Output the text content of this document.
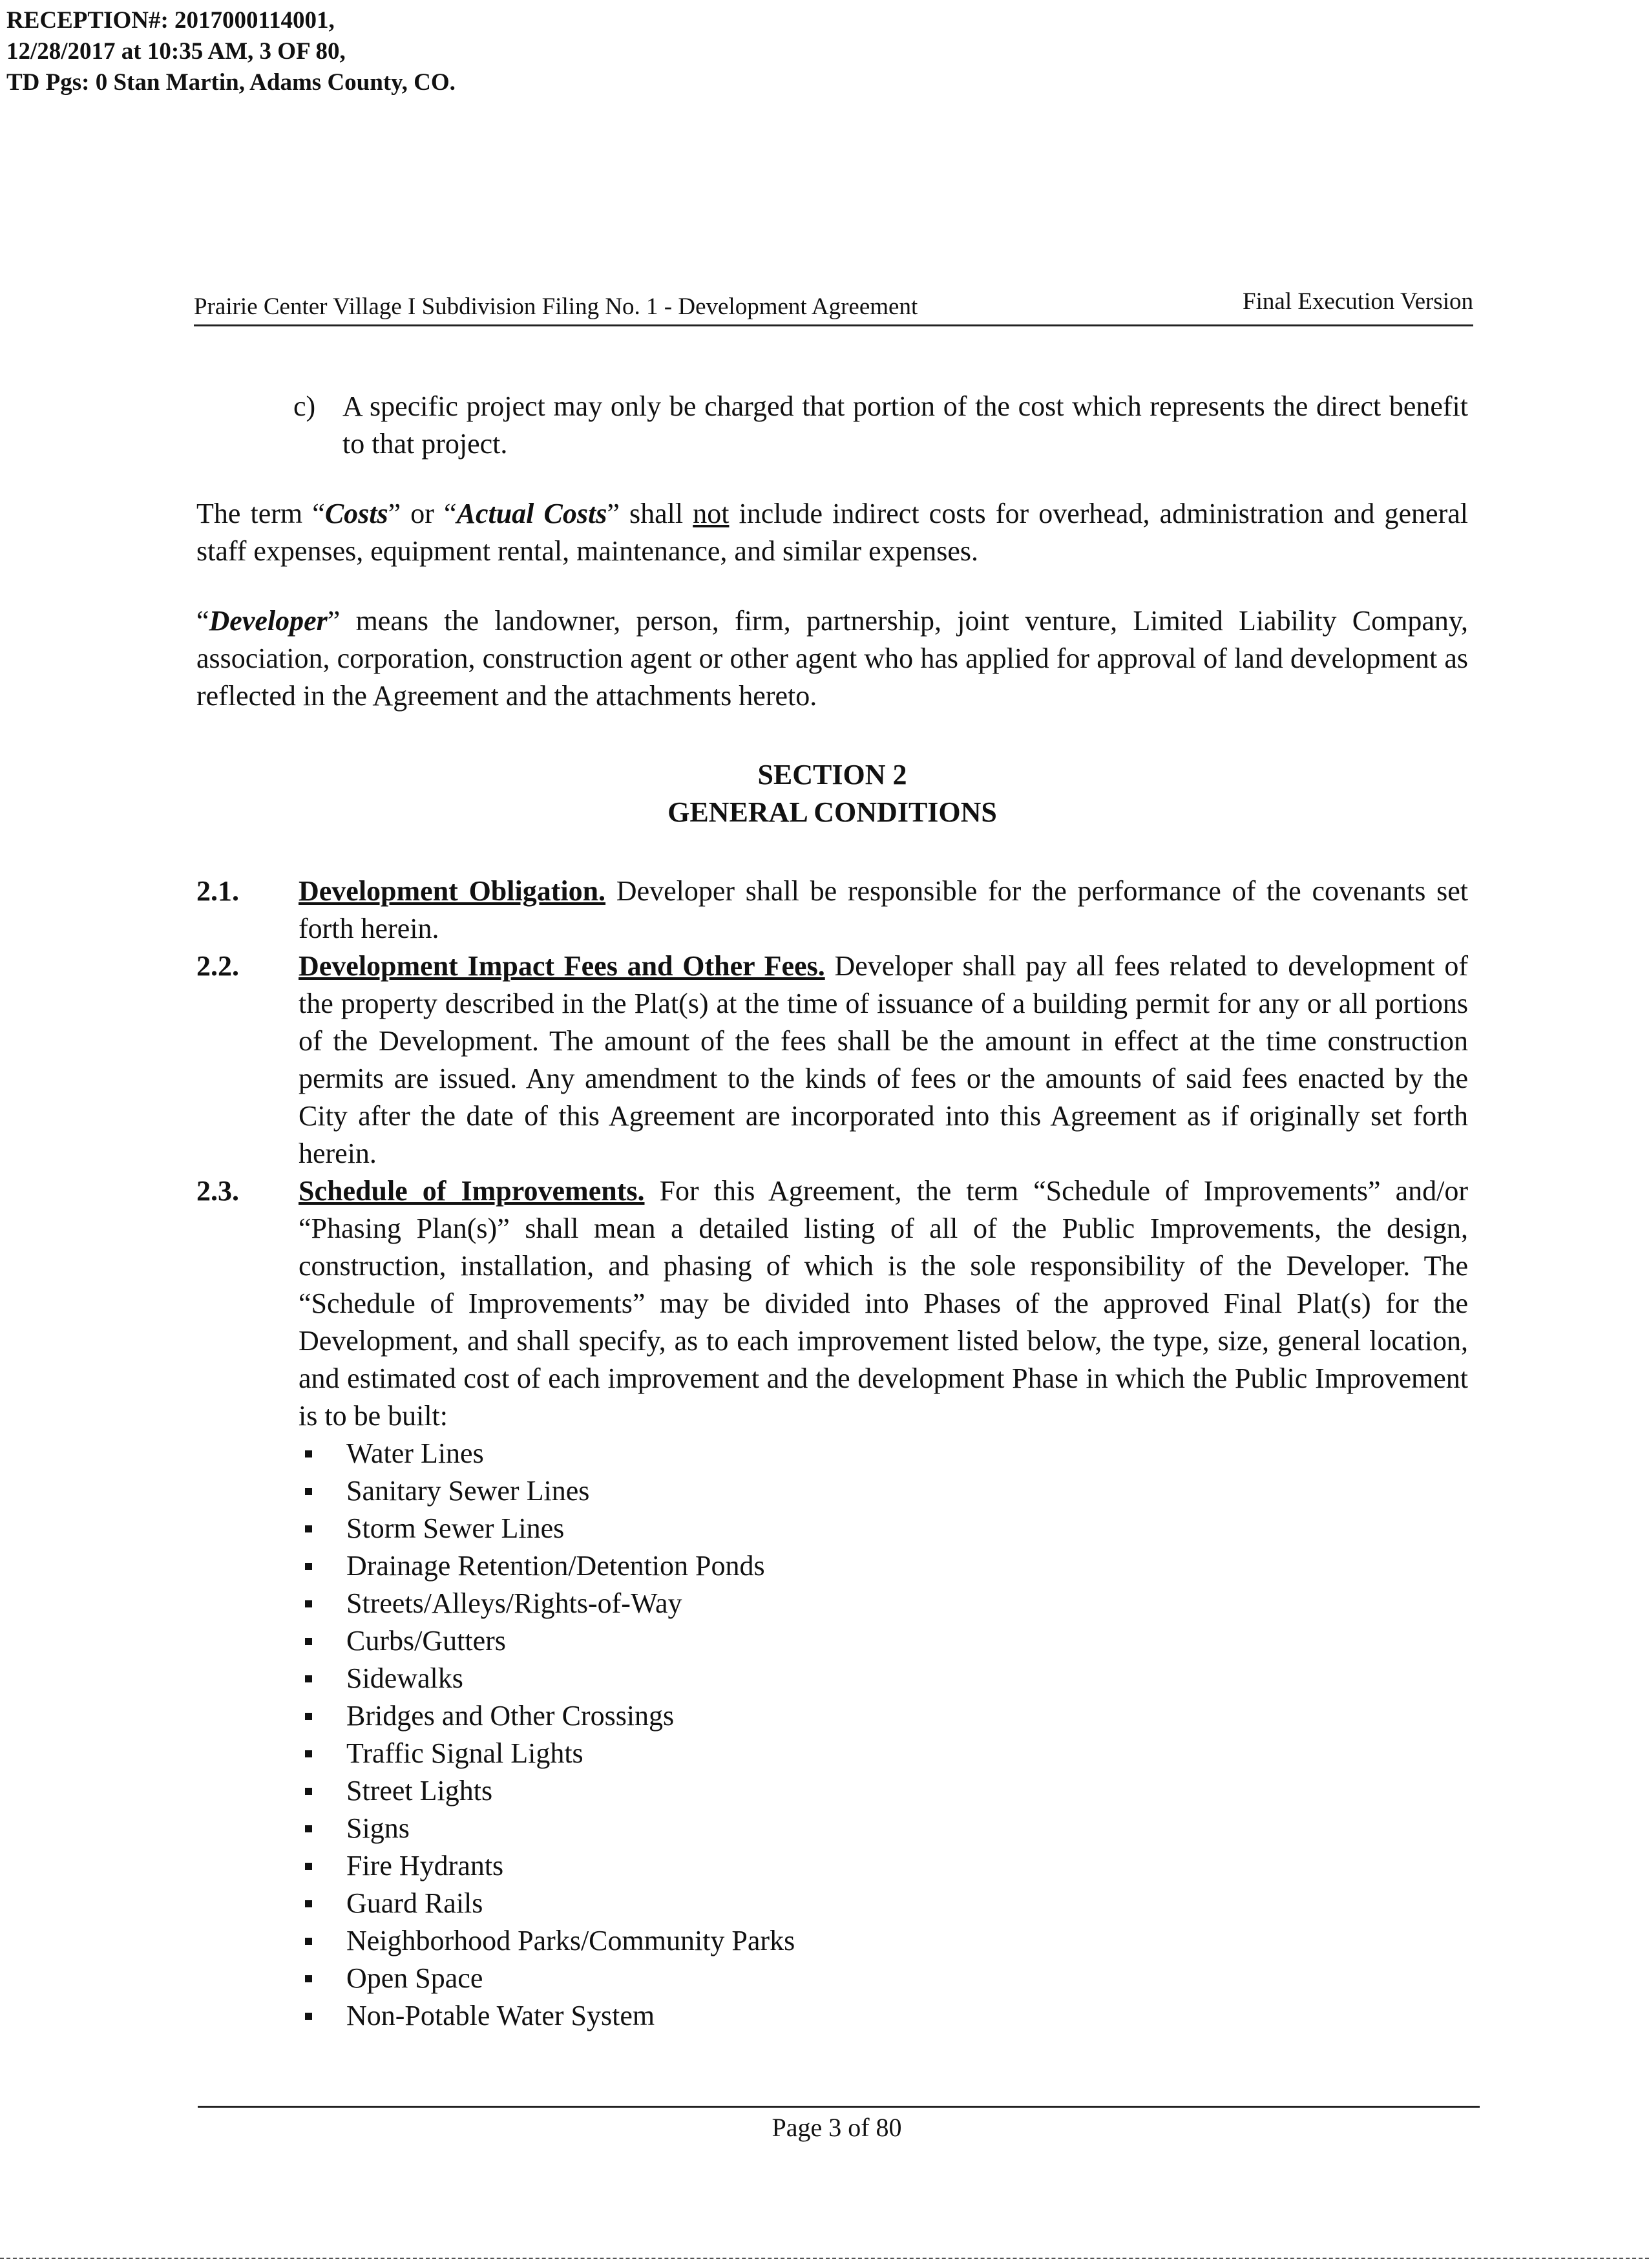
RECEPTION#: 2017000114001,
12/28/2017 at 10:35 AM, 3 OF 80,
TD Pgs: 0 Stan Martin, Adams County, CO.
Prairie Center Village I Subdivision Filing No. 1 - Development Agreement	Final Execution Version
c) A specific project may only be charged that portion of the cost which represents the direct benefit to that project.

The term “Costs” or “Actual Costs” shall not include indirect costs for overhead, administration and general staff expenses, equipment rental, maintenance, and similar expenses.

“Developer” means the landowner, person, firm, partnership, joint venture, Limited Liability Company, association, corporation, construction agent or other agent who has applied for approval of land development as reflected in the Agreement and the attachments hereto.

SECTION 2
GENERAL CONDITIONS
2.1. Development Obligation. Developer shall be responsible for the performance of the covenants set forth herein.
2.2. Development Impact Fees and Other Fees. Developer shall pay all fees related to development of the property described in the Plat(s) at the time of issuance of a building permit for any or all portions of the Development. The amount of the fees shall be the amount in effect at the time construction permits are issued. Any amendment to the kinds of fees or the amounts of said fees enacted by the City after the date of this Agreement are incorporated into this Agreement as if originally set forth herein.
2.3. Schedule of Improvements. For this Agreement, the term “Schedule of Improvements” and/or “Phasing Plan(s)” shall mean a detailed listing of all of the Public Improvements, the design, construction, installation, and phasing of which is the sole responsibility of the Developer. The “Schedule of Improvements” may be divided into Phases of the approved Final Plat(s) for the Development, and shall specify, as to each improvement listed below, the type, size, general location, and estimated cost of each improvement and the development Phase in which the Public Improvement is to be built:
Water Lines
Sanitary Sewer Lines
Storm Sewer Lines
Drainage Retention/Detention Ponds
Streets/Alleys/Rights-of-Way
Curbs/Gutters
Sidewalks
Bridges and Other Crossings
Traffic Signal Lights
Street Lights
Signs
Fire Hydrants
Guard Rails
Neighborhood Parks/Community Parks
Open Space
Non-Potable Water System
Page 3 of 80
